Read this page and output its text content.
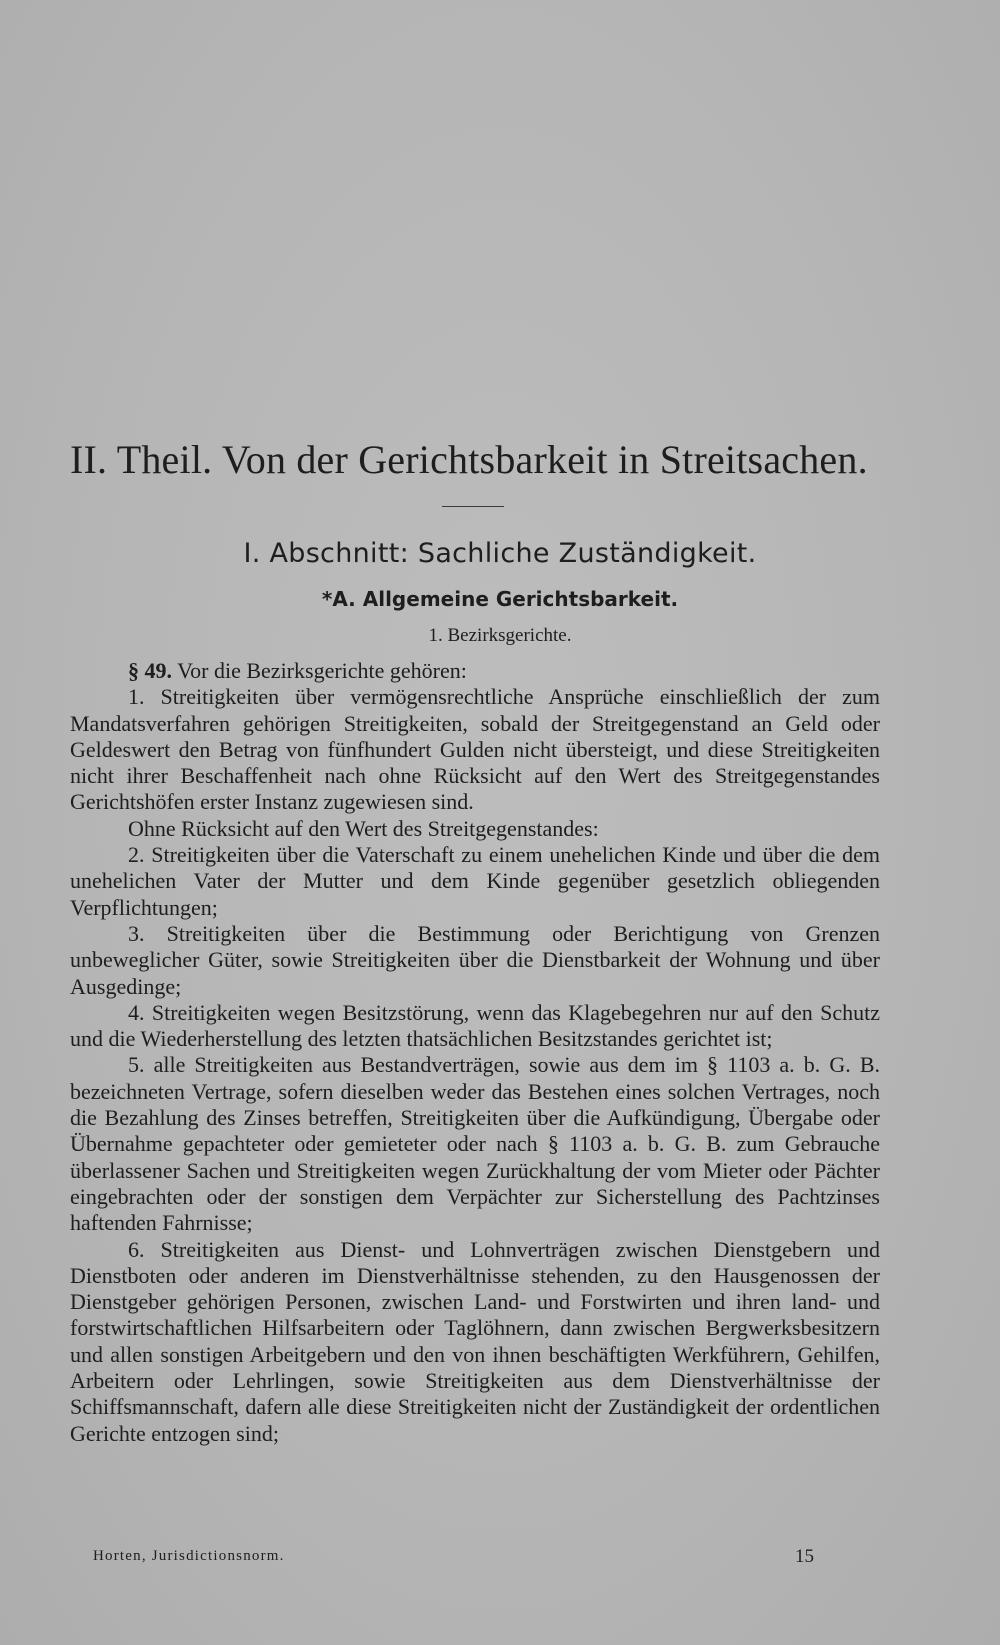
II. Theil. Von der Gerichtsbarkeit in Streitsachen.
I. Abschnitt: Sachliche Zuständigkeit.
*A. Allgemeine Gerichtsbarkeit.
1. Bezirksgerichte.

§ 49. Vor die Bezirksgerichte gehören:

1. Streitigkeiten über vermögensrechtliche Ansprüche einschließlich der zum Mandatsverfahren gehörigen Streitigkeiten, sobald der Streitgegenstand an Geld oder Geldeswert den Betrag von fünfhundert Gulden nicht übersteigt, und diese Streitigkeiten nicht ihrer Beschaffenheit nach ohne Rücksicht auf den Wert des Streitgegenstandes Gerichtshöfen erster Instanz zugewiesen sind.

Ohne Rücksicht auf den Wert des Streitgegenstandes:

2. Streitigkeiten über die Vaterschaft zu einem unehelichen Kinde und über die dem unehelichen Vater der Mutter und dem Kinde gegenüber gesetzlich obliegenden Verpflichtungen;

3. Streitigkeiten über die Bestimmung oder Berichtigung von Grenzen unbeweglicher Güter, sowie Streitigkeiten über die Dienstbarkeit der Wohnung und über Ausgedinge;

4. Streitigkeiten wegen Besitzstörung, wenn das Klagebegehren nur auf den Schutz und die Wiederherstellung des letzten thatsächlichen Besitzstandes gerichtet ist;

5. alle Streitigkeiten aus Bestandverträgen, sowie aus dem im § 1103 a. b. G. B. bezeichneten Vertrage, sofern dieselben weder das Bestehen eines solchen Vertrages, noch die Bezahlung des Zinses betreffen, Streitigkeiten über die Aufkündigung, Übergabe oder Übernahme gepachteter oder gemieteter oder nach § 1103 a. b. G. B. zum Gebrauche überlassener Sachen und Streitigkeiten wegen Zurückhaltung der vom Mieter oder Pächter eingebrachten oder der sonstigen dem Verpächter zur Sicherstellung des Pachtzinses haftenden Fahrnisse;

6. Streitigkeiten aus Dienst- und Lohnverträgen zwischen Dienstgebern und Dienstboten oder anderen im Dienstverhältnisse stehenden, zu den Hausgenossen der Dienstgeber gehörigen Personen, zwischen Land- und Forstwirten und ihren land- und forstwirtschaftlichen Hilfsarbeitern oder Taglöhnern, dann zwischen Bergwerksbesitzern und allen sonstigen Arbeitgebern und den von ihnen beschäftigten Werkführern, Gehilfen, Arbeitern oder Lehrlingen, sowie Streitigkeiten aus dem Dienstverhältnisse der Schiffsmannschaft, dafern alle diese Streitigkeiten nicht der Zuständigkeit der ordentlichen Gerichte entzogen sind;

Horten, Jurisdictionsnorm.	15
